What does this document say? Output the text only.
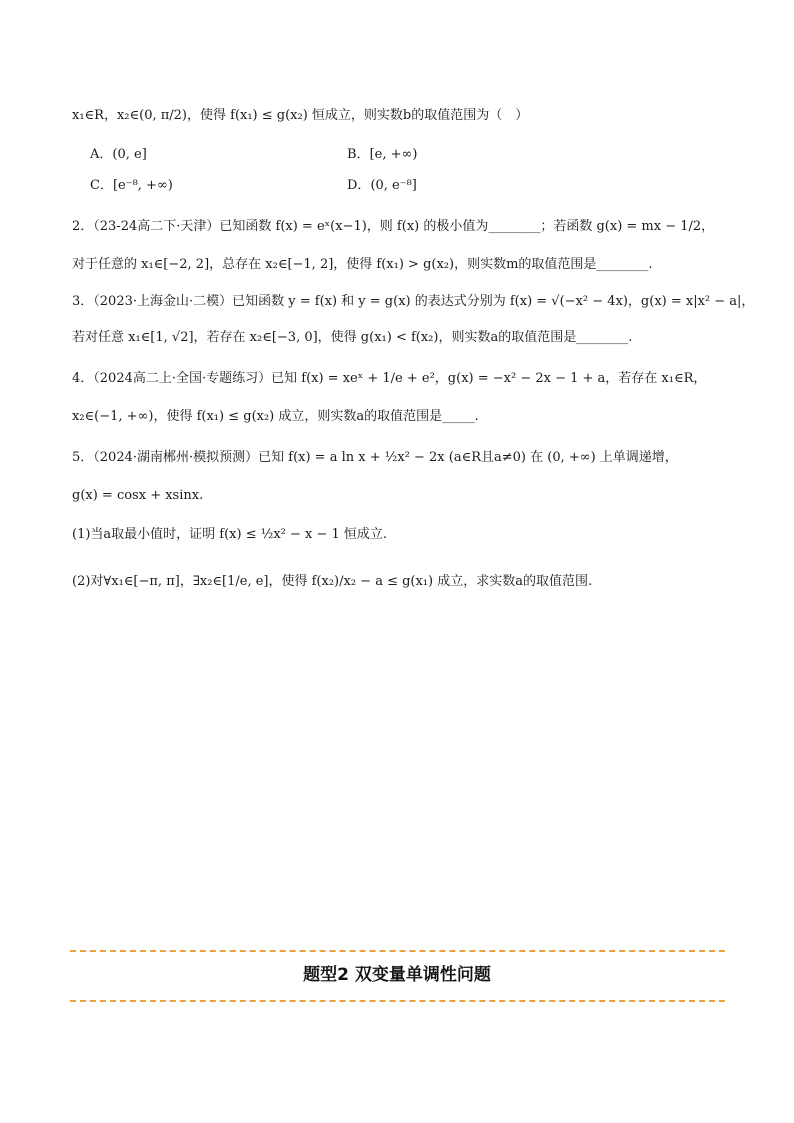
x₁∈R，x₂∈(0, π/2)，使得 f(x₁) ≤ g(x₂) 恒成立，则实数b的取值范围为（　）
A．(0, e]	B．[e, +∞)
C．[e⁻⁸, +∞)	D．(0, e⁻⁸]
2．（23-24高二下·天津）已知函数 f(x) = eˣ(x−1)，则 f(x) 的极小值为________；若函数 g(x) = mx − 1/2，
对于任意的 x₁∈[−2, 2]，总存在 x₂∈[−1, 2]，使得 f(x₁) > g(x₂)，则实数m的取值范围是________.
3．（2023·上海金山·二模）已知函数 y = f(x) 和 y = g(x) 的表达式分别为 f(x) = √(−x² − 4x)，g(x) = x|x² − a|，
若对任意 x₁∈[1, √2]，若存在 x₂∈[−3, 0]，使得 g(x₁) < f(x₂)，则实数a的取值范围是________.
4．（2024高二上·全国·专题练习）已知 f(x) = xeˣ + 1/e + e²，g(x) = −x² − 2x − 1 + a，若存在 x₁∈R，
x₂∈(−1, +∞)，使得 f(x₁) ≤ g(x₂) 成立，则实数a的取值范围是_____.
5．（2024·湖南郴州·模拟预测）已知 f(x) = a ln x + ½x² − 2x (a∈R且a≠0) 在 (0, +∞) 上单调递增，
g(x) = cosx + xsinx.
(1)当a取最小值时，证明 f(x) ≤ ½x² − x − 1 恒成立.
(2)对∀x₁∈[−π, π]，∃x₂∈[1/e, e]，使得 f(x₂)/x₂ − a ≤ g(x₁) 成立，求实数a的取值范围.
题型2 双变量单调性问题
